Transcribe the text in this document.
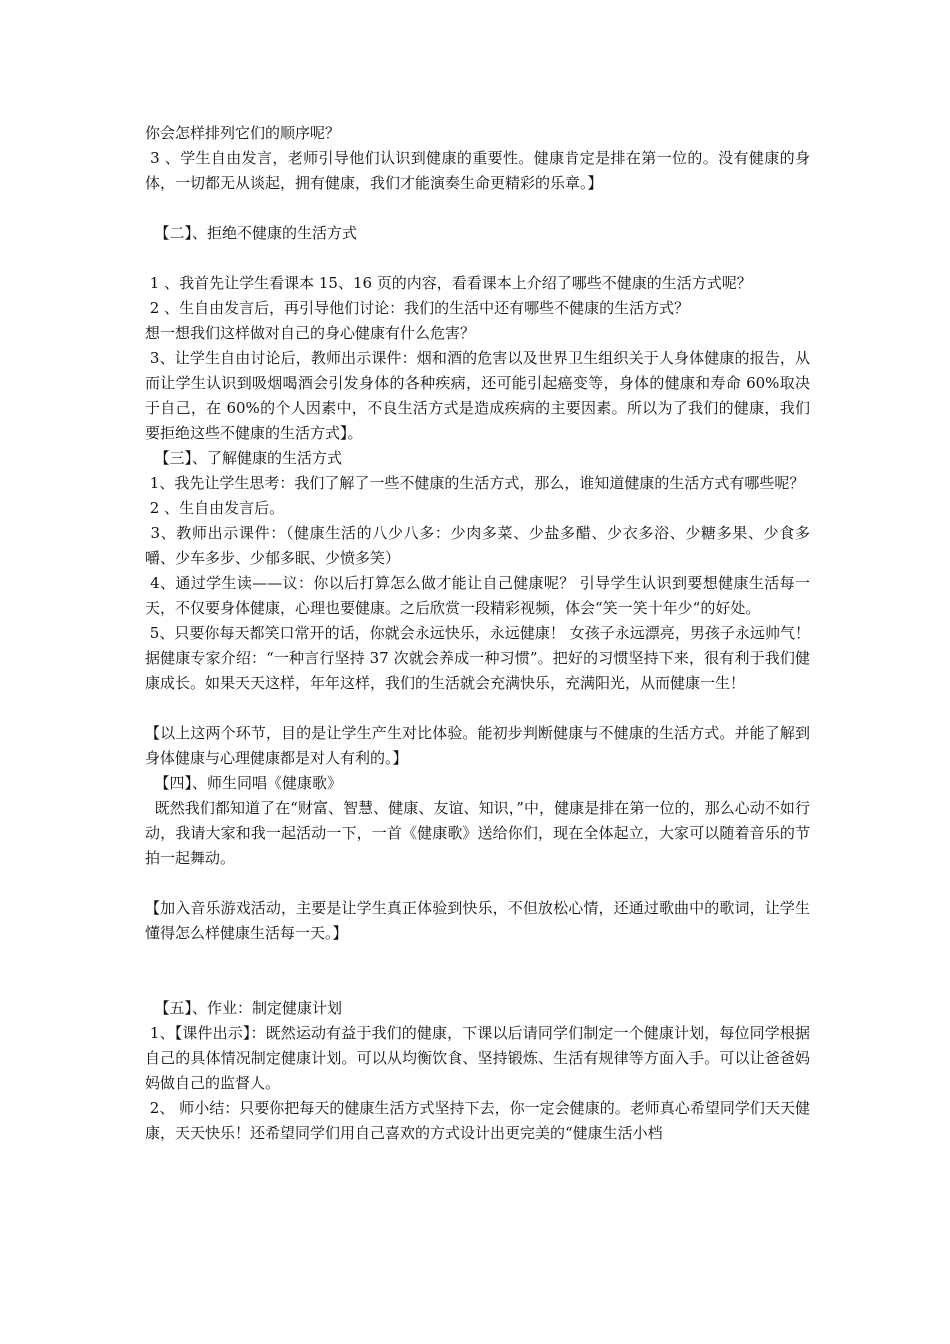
你会怎样排列它们的顺序呢？

3 、学生自由发言，老师引导他们认识到健康的重要性。健康肯定是排在第一位的。没有健康的身体，一切都无从谈起，拥有健康，我们才能演奏生命更精彩的乐章。】

【二】、拒绝不健康的生活方式

1 、我首先让学生看课本 15、16 页的内容，看看课本上介绍了哪些不健康的生活方式呢？

2 、生自由发言后，再引导他们讨论：我们的生活中还有哪些不健康的生活方式？

想一想我们这样做对自己的身心健康有什么危害？

3、让学生自由讨论后，教师出示课件：烟和酒的危害以及世界卫生组织关于人身体健康的报告，从而让学生认识到吸烟喝酒会引发身体的各种疾病，还可能引起癌变等，身体的健康和寿命 60%取决于自己，在 60%的个人因素中，不良生活方式是造成疾病的主要因素。所以为了我们的健康，我们要拒绝这些不健康的生活方式】。

【三】、了解健康的生活方式

1、我先让学生思考：我们了解了一些不健康的生活方式，那么，谁知道健康的生活方式有哪些呢？

2 、生自由发言后。

3、教师出示课件：（健康生活的八少八多：少肉多菜、少盐多醋、少衣多浴、少糖多果、少食多嚼、少车多步、少郁多眠、少愤多笑）

4、通过学生读——议：你以后打算怎么做才能让自己健康呢？ 引导学生认识到要想健康生活每一天，不仅要身体健康，心理也要健康。之后欣赏一段精彩视频，体会“笑一笑十年少“的好处。

5、只要你每天都笑口常开的话，你就会永远快乐，永远健康！ 女孩子永远漂亮，男孩子永远帅气！ 据健康专家介绍：“一种言行坚持 37 次就会养成一种习惯”。把好的习惯坚持下来，很有利于我们健康成长。如果天天这样，年年这样，我们的生活就会充满快乐，充满阳光，从而健康一生！

【以上这两个环节，目的是让学生产生对比体验。能初步判断健康与不健康的生活方式。并能了解到身体健康与心理健康都是对人有利的。】

【四】、师生同唱《健康歌》

既然我们都知道了在“财富、智慧、健康、友谊、知识，”中，健康是排在第一位的，那么心动不如行动，我请大家和我一起活动一下，一首《健康歌》送给你们，现在全体起立，大家可以随着音乐的节拍一起舞动。

【加入音乐游戏活动，主要是让学生真正体验到快乐，不但放松心情，还通过歌曲中的歌词，让学生懂得怎么样健康生活每一天。】

【五】、作业：制定健康计划

1、【课件出示】：既然运动有益于我们的健康，下课以后请同学们制定一个健康计划，每位同学根据自己的具体情况制定健康计划。可以从均衡饮食、坚持锻炼、生活有规律等方面入手。可以让爸爸妈妈做自己的监督人。

2、 师小结：只要你把每天的健康生活方式坚持下去，你一定会健康的。老师真心希望同学们天天健康，天天快乐！还希望同学们用自己喜欢的方式设计出更完美的“健康生活小档
